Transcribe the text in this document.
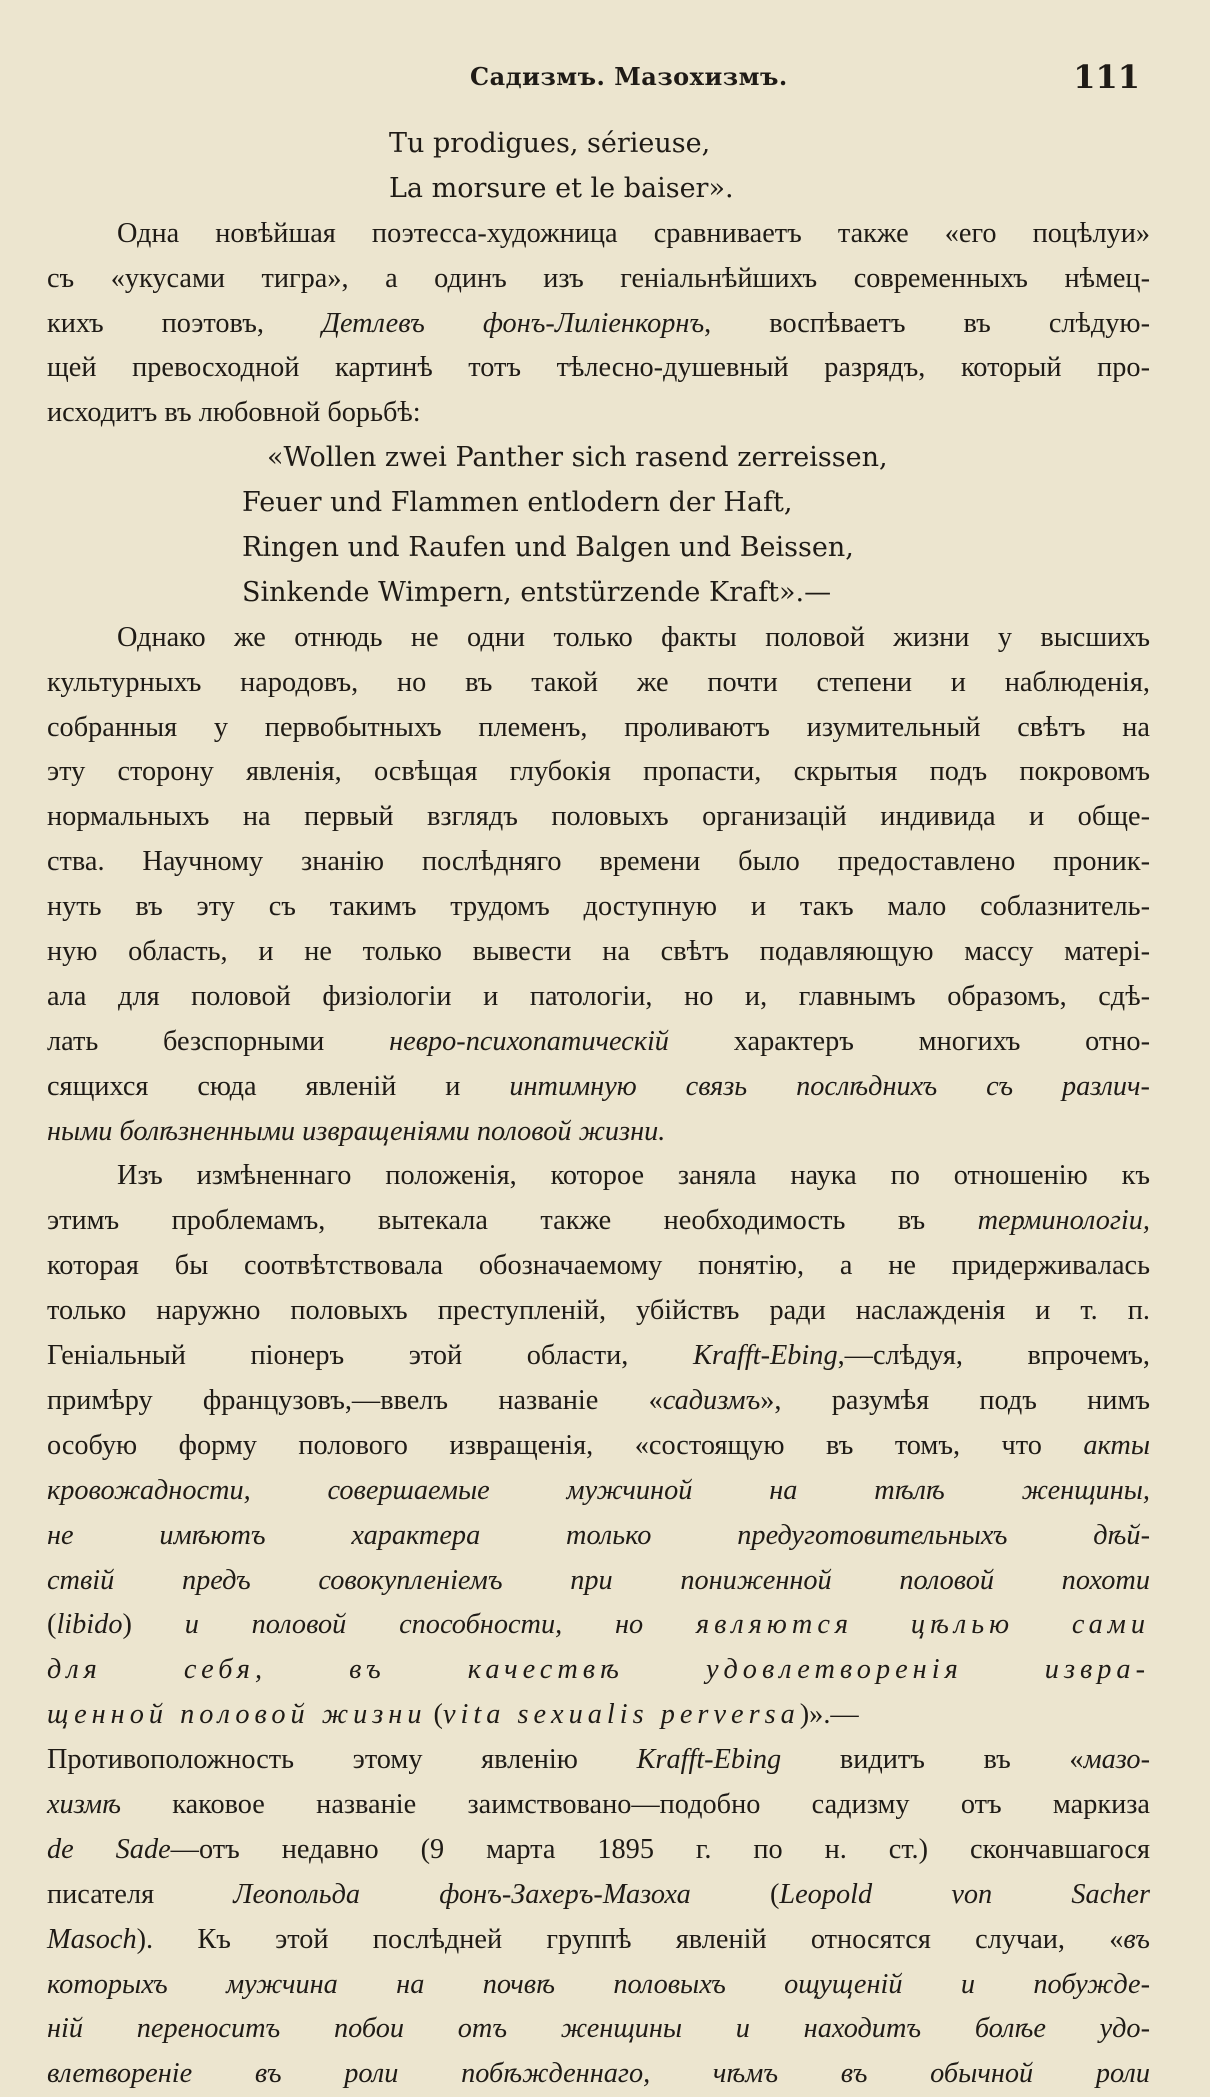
Садизмъ. Мазохизмъ.	111
Tu prodigues, sérieuse,
La morsure et le baiser».
Одна новѣйшая поэтесса-художница сравниваетъ также «его поцѣлуи»
съ «укусами тигра», а одинъ изъ геніальнѣйшихъ современныхъ нѣмец-
кихъ поэтовъ, Детлевъ фонъ-Лиліенкорнъ, воспѣваетъ въ слѣдую-
щей превосходной картинѣ тотъ тѣлесно-душевный разрядъ, который про-
исходитъ въ любовной борьбѣ:
«Wollen zwei Panther sich rasend zerreissen,
Feuer und Flammen entlodern der Haft,
Ringen und Raufen und Balgen und Beissen,
Sinkende Wimpern, entstürzende Kraft».—
Однако же отнюдь не одни только факты половой жизни у высшихъ
культурныхъ народовъ, но въ такой же почти степени и наблюденія,
собранныя у первобытныхъ племенъ, проливаютъ изумительный свѣтъ на
эту сторону явленія, освѣщая глубокія пропасти, скрытыя подъ покровомъ
нормальныхъ на первый взглядъ половыхъ организацій индивида и обще-
ства. Научному знанію послѣдняго времени было предоставлено проник-
нуть въ эту съ такимъ трудомъ доступную и такъ мало соблазнитель-
ную область, и не только вывести на свѣтъ подавляющую массу матері-
ала для половой физіологіи и патологіи, но и, главнымъ образомъ, сдѣ-
лать безспорными невро-психопатическій характеръ многихъ отно-
сящихся сюда явленій и интимную связь послѣднихъ съ различ-
ными болѣзненными извращеніями половой жизни.
Изъ измѣненнаго положенія, которое заняла наука по отношенію къ
этимъ проблемамъ, вытекала также необходимость въ терминологіи,
которая бы соотвѣтствовала обозначаемому понятію, а не придерживалась
только наружно половыхъ преступленій, убійствъ ради наслажденія и т. п.
Геніальный піонеръ этой области, Krafft-Ebing,—слѣдуя, впрочемъ,
примѣру французовъ,—ввелъ названіе «садизмъ», разумѣя подъ нимъ
особую форму полового извращенія, «состоящую въ томъ, что акты
кровожадности, совершаемые мужчиной на тѣлѣ женщины,
не имѣютъ характера только предуготовительныхъ дѣй-
ствій предъ совокупленіемъ при пониженной половой похоти
(libido) и половой способности, но являются цѣлью сами
для себя, въ качествѣ удовлетворенія извра-
щенной половой жизни (vita sexualis perversa)».—
Противоположность этому явленію Krafft-Ebing видитъ въ «мазо-
хизмѣ каковое названіе заимствовано—подобно садизму отъ маркиза
de Sade—отъ недавно (9 марта 1895 г. по н. ст.) скончавшагося
писателя Леопольда фонъ-Захеръ-Мазоха (Leopold von Sacher
Masoch). Къ этой послѣдней группѣ явленій относятся случаи, «въ
которыхъ мужчина на почвѣ половыхъ ощущеній и побужде-
ній переноситъ побои отъ женщины и находитъ болѣе удо-
влетвореніе въ роли побѣжденнаго, чѣмъ въ обычной роли
